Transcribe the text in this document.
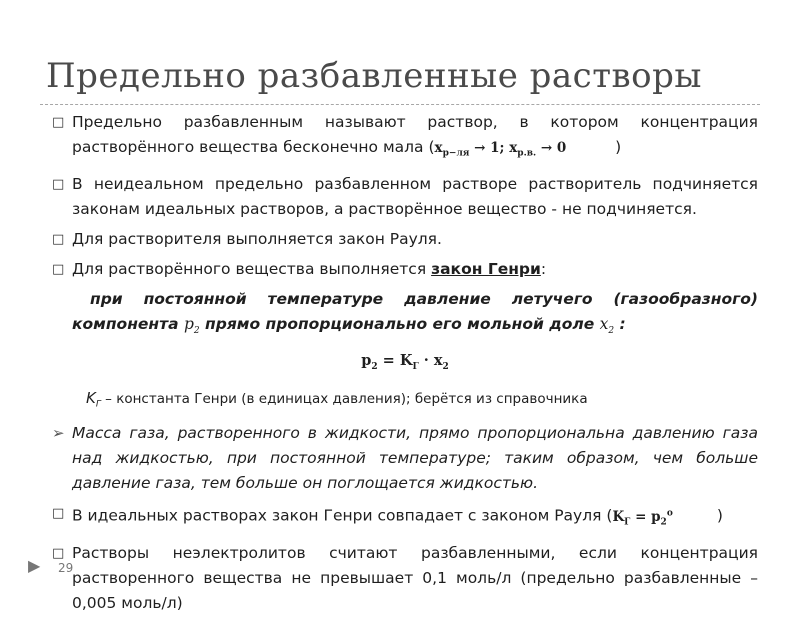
Предельно разбавленные растворы
□ Предельно разбавленным называют раствор, в котором концентрация растворённого вещества бесконечно мала ($x_{р-ля} \to 1$; $x_{р.в.} \to 0$	)
□ В неидеальном предельно разбавленном растворе растворитель подчиняется законам идеальных растворов, а растворённое вещество - не подчиняется.
□ Для растворителя выполняется закон Рауля.
□ Для растворённого вещества выполняется закон Генри:
при постоянной температуре давление летучего (газообразного) компонента $p_2$ прямо пропорционально его мольной доле $x_2$ :
$p_2 = K_Г \cdot x_2$
$K_Г$ – константа Генри (в единицах давления); берётся из справочника
➢ Масса газа, растворенного в жидкости, прямо пропорциональна давлению газа над жидкостью, при постоянной температуре; таким образом, чем больше давление газа, тем больше он поглощается жидкостью.
□ В идеальных растворах закон Генри совпадает с законом Рауля ($K_Г = p_2^o$	)
□ Растворы неэлектролитов считают разбавленными, если концентрация растворенного вещества не превышает 0,1 моль/л (предельно разбавленные – 0,005 моль/л)
▶ 29
